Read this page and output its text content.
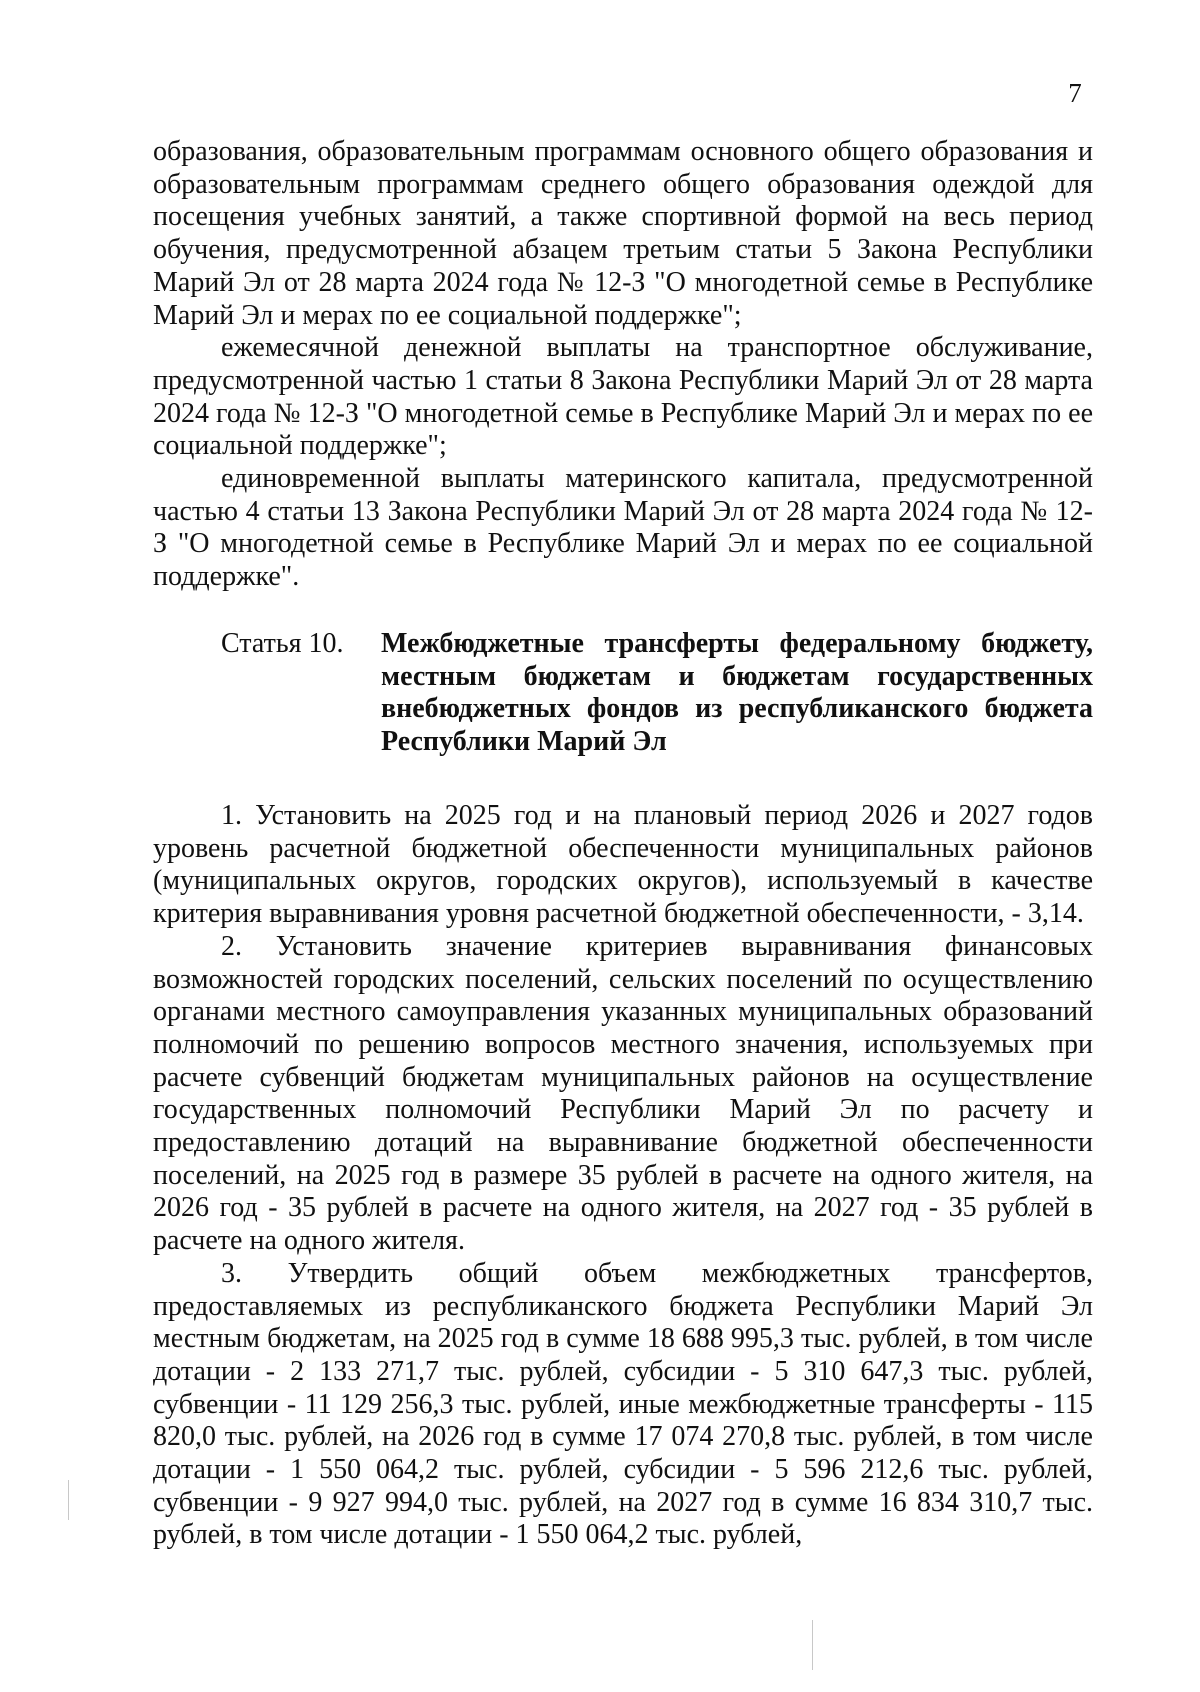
7

образования, образовательным программам основного общего образования и образовательным программам среднего общего образования одеждой для посещения учебных занятий, а также спортивной формой на весь период обучения, предусмотренной абзацем третьим статьи 5 Закона Республики Марий Эл от 28 марта 2024 года № 12-З "О многодетной семье в Республике Марий Эл и мерах по ее социальной поддержке";

ежемесячной денежной выплаты на транспортное обслуживание, предусмотренной частью 1 статьи 8 Закона Республики Марий Эл от 28 марта 2024 года № 12-З "О многодетной семье в Республике Марий Эл и мерах по ее социальной поддержке";

единовременной выплаты материнского капитала, предусмотренной частью 4 статьи 13 Закона Республики Марий Эл от 28 марта 2024 года № 12-З "О многодетной семье в Республике Марий Эл и мерах по ее социальной поддержке".

Статья 10.	Межбюджетные трансферты федеральному бюджету, местным бюджетам и бюджетам государственных внебюджетных фондов из республиканского бюджета Республики Марий Эл

1. Установить на 2025 год и на плановый период 2026 и 2027 годов уровень расчетной бюджетной обеспеченности муниципальных районов (муниципальных округов, городских округов), используемый в качестве критерия выравнивания уровня расчетной бюджетной обеспеченности, - 3,14.

2. Установить значение критериев выравнивания финансовых возможностей городских поселений, сельских поселений по осуществлению органами местного самоуправления указанных муниципальных образований полномочий по решению вопросов местного значения, используемых при расчете субвенций бюджетам муниципальных районов на осуществление государственных полномочий Республики Марий Эл по расчету и предоставлению дотаций на выравнивание бюджетной обеспеченности поселений, на 2025 год в размере 35 рублей в расчете на одного жителя, на 2026 год - 35 рублей в расчете на одного жителя, на 2027 год - 35 рублей в расчете на одного жителя.

3. Утвердить общий объем межбюджетных трансфертов, предоставляемых из республиканского бюджета Республики Марий Эл местным бюджетам, на 2025 год в сумме 18 688 995,3 тыс. рублей, в том числе дотации - 2 133 271,7 тыс. рублей, субсидии - 5 310 647,3 тыс. рублей, субвенции - 11 129 256,3 тыс. рублей, иные межбюджетные трансферты - 115 820,0 тыс. рублей, на 2026 год в сумме 17 074 270,8 тыс. рублей, в том числе дотации - 1 550 064,2 тыс. рублей, субсидии - 5 596 212,6 тыс. рублей, субвенции - 9 927 994,0 тыс. рублей, на 2027 год в сумме 16 834 310,7 тыс. рублей, в том числе дотации - 1 550 064,2 тыс. рублей,
